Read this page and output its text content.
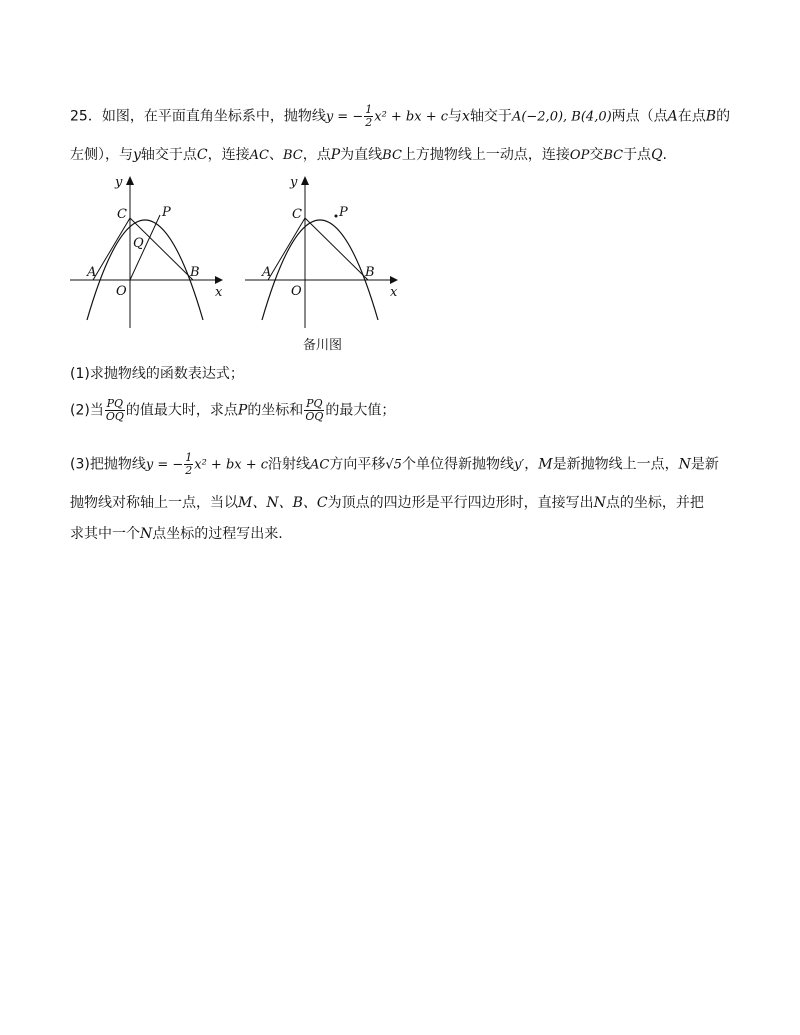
25．如图，在平面直角坐标系中，抛物线y = − $\frac{1}{2} x^2$ + bx + c与x轴交于A(−2,0), B(4,0)两点（点A在点B的
左侧），与y轴交于点C，连接AC、BC，点P为直线BC上方抛物线上一动点，连接OP交BC于点Q.
y
x
C	P
Q
A	B
O
y
x
C	P
A	B
O
备川图
(1)求抛物线的函数表达式；
(2)当 $\frac{PQ}{OQ}$ 的值最大时，求点P的坐标和 $\frac{PQ}{OQ}$ 的最大值；
(3)把抛物线y = − $\frac{1}{2} x^2$ + bx + c沿射线AC方向平移√5个单位得新抛物线y′，M是新抛物线上一点，N是新
抛物线对称轴上一点，当以M、N、B、C为顶点的四边形是平行四边形时，直接写出N点的坐标，并把
求其中一个N点坐标的过程写出来.
